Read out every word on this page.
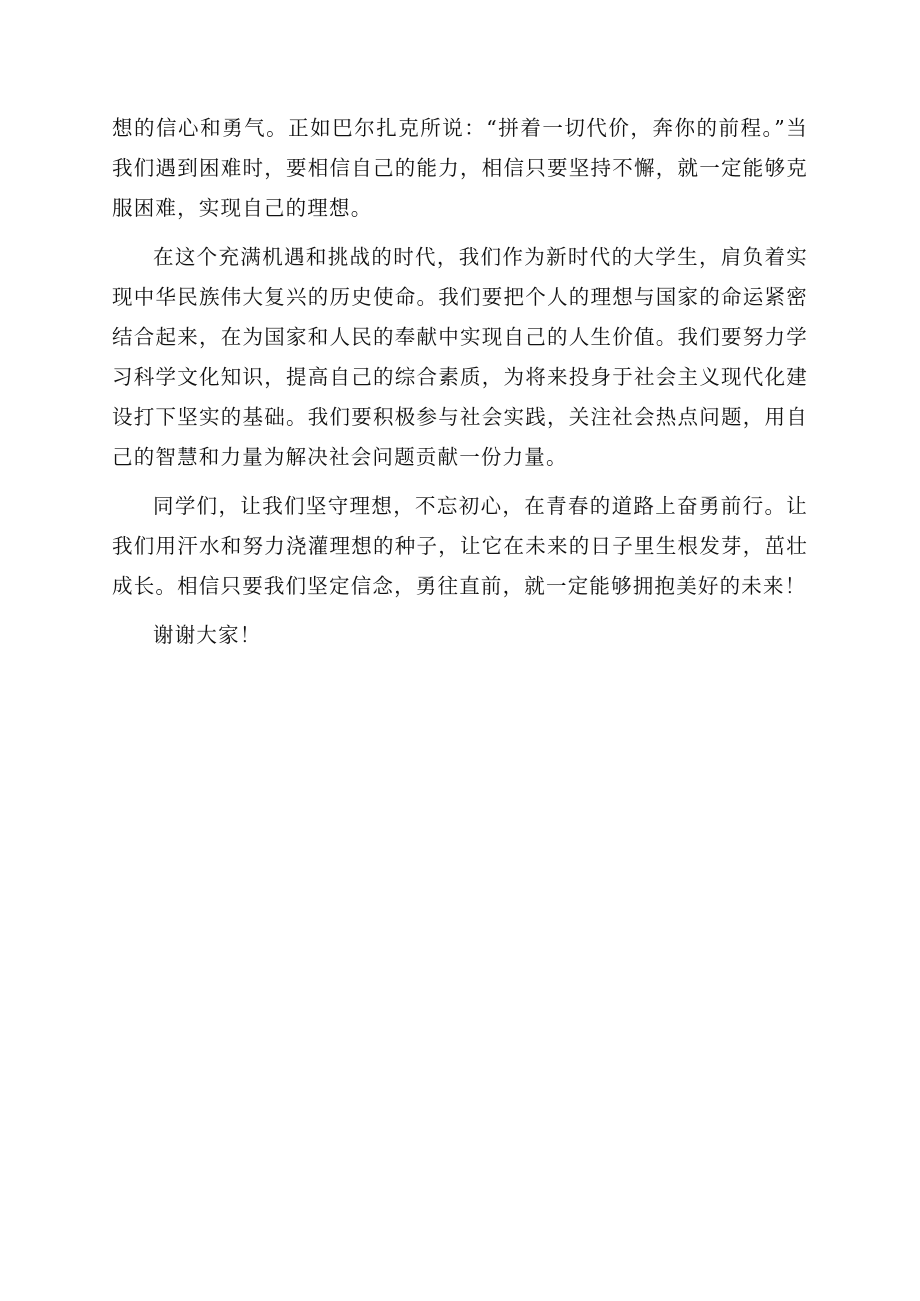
想的信心和勇气。正如巴尔扎克所说：“拼着一切代价，奔你的前程。”当我们遇到困难时，要相信自己的能力，相信只要坚持不懈，就一定能够克服困难，实现自己的理想。

在这个充满机遇和挑战的时代，我们作为新时代的大学生，肩负着实现中华民族伟大复兴的历史使命。我们要把个人的理想与国家的命运紧密结合起来，在为国家和人民的奉献中实现自己的人生价值。我们要努力学习科学文化知识，提高自己的综合素质，为将来投身于社会主义现代化建设打下坚实的基础。我们要积极参与社会实践，关注社会热点问题，用自己的智慧和力量为解决社会问题贡献一份力量。

同学们，让我们坚守理想，不忘初心，在青春的道路上奋勇前行。让我们用汗水和努力浇灌理想的种子，让它在未来的日子里生根发芽，茁壮成长。相信只要我们坚定信念，勇往直前，就一定能够拥抱美好的未来！

谢谢大家！
